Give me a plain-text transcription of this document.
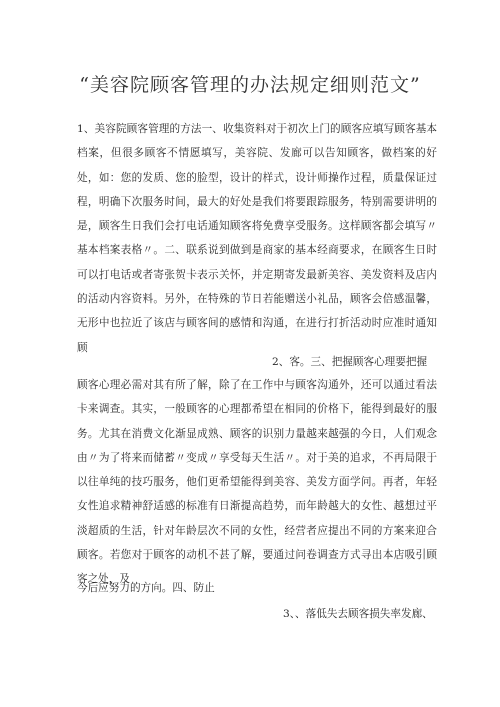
“美容院顾客管理的办法规定细则范文”

1、美容院顾客管理的方法一、收集资料对于初次上门的顾客应填写顾客基本档案，但很多顾客不情愿填写，美容院、发廊可以告知顾客，做档案的好处，如：您的发质、您的脸型，设计的样式，设计师操作过程，质量保证过程，明确下次服务时间，最大的好处是我们将要跟踪服务，特别需要讲明的是，顾客生日我们会打电话通知顾客将免费享受服务。这样顾客都会填写〃基本档案表格〃。二、联系说到做到是商家的基本经商要求，在顾客生日时可以打电话或者寄张贺卡表示关怀，并定期寄发最新美容、美发资料及店内的活动内容资料。另外，在特殊的节日若能赠送小礼品，顾客会倍感温馨，无形中也拉近了该店与顾客间的感情和沟通，在进行打折活动时应准时通知顾

2、客。三、把握顾客心理要把握

顾客心理必需对其有所了解，除了在工作中与顾客沟通外，还可以通过看法卡来调查。其实，一般顾客的心理都希望在相同的价格下，能得到最好的服务。尤其在消费文化渐显成熟、顾客的识别力量越来越强的今日，人们观念由〃为了将来而储蓄〃变成〃享受每天生活〃。对于美的追求，不再局限于以往单纯的技巧服务，他们更希望能得到美容、美发方面学问。再者，年轻女性追求精神舒适感的标准有日渐提高趋势，而年龄越大的女性、越想过平淡超质的生活，针对年龄层次不同的女性，经营者应提出不同的方案来迎合顾客。若您对于顾客的动机不甚了解，要通过问卷调查方式寻出本店吸引顾客之处，及

今后应努力的方向。四、防止

3、、落低失去顾客损失率发廊、
